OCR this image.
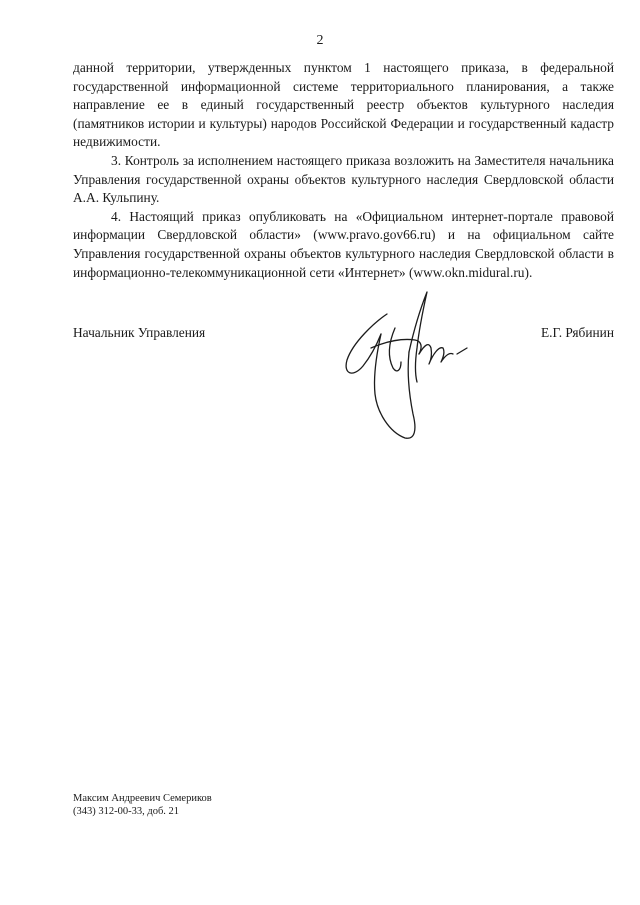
2

данной территории, утвержденных пунктом 1 настоящего приказа, в федеральной государственной информационной системе территориального планирования, а также направление ее в единый государственный реестр объектов культурного наследия (памятников истории и культуры) народов Российской Федерации и государственный кадастр недвижимости.

3. Контроль за исполнением настоящего приказа возложить на Заместителя начальника Управления государственной охраны объектов культурного наследия Свердловской области А.А. Кульпину.

4. Настоящий приказ опубликовать на «Официальном интернет-портале правовой информации Свердловской области» (www.pravo.gov66.ru) и на официальном сайте Управления государственной охраны объектов культурного наследия Свердловской области в информационно-телекоммуникационной сети «Интернет» (www.okn.midural.ru).

Начальник Управления	Е.Г. Рябинин
Максим Андреевич Семериков
(343) 312-00-33, доб. 21
